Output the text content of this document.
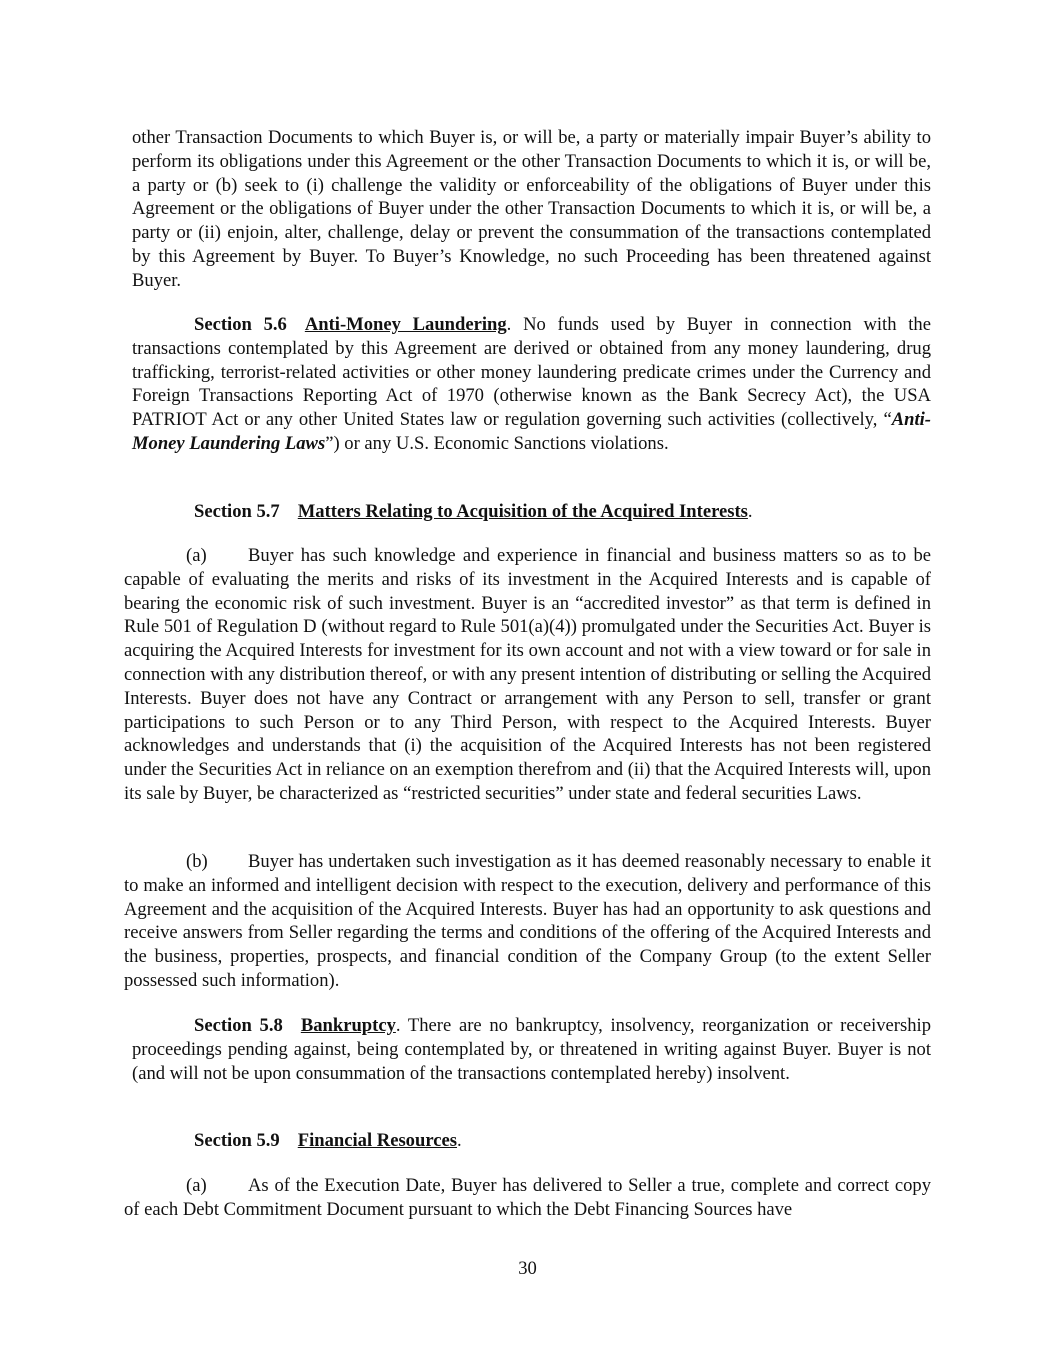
other Transaction Documents to which Buyer is, or will be, a party or materially impair Buyer’s ability to perform its obligations under this Agreement or the other Transaction Documents to which it is, or will be, a party or (b) seek to (i) challenge the validity or enforceability of the obligations of Buyer under this Agreement or the obligations of Buyer under the other Transaction Documents to which it is, or will be, a party or (ii) enjoin, alter, challenge, delay or prevent the consummation of the transactions contemplated by this Agreement by Buyer. To Buyer’s Knowledge, no such Proceeding has been threatened against Buyer.

Section 5.6 Anti-Money Laundering. No funds used by Buyer in connection with the transactions contemplated by this Agreement are derived or obtained from any money laundering, drug trafficking, terrorist-related activities or other money laundering predicate crimes under the Currency and Foreign Transactions Reporting Act of 1970 (otherwise known as the Bank Secrecy Act), the USA PATRIOT Act or any other United States law or regulation governing such activities (collectively, “Anti-Money Laundering Laws”) or any U.S. Economic Sanctions violations.

Section 5.7 Matters Relating to Acquisition of the Acquired Interests.

(a) Buyer has such knowledge and experience in financial and business matters so as to be capable of evaluating the merits and risks of its investment in the Acquired Interests and is capable of bearing the economic risk of such investment. Buyer is an “accredited investor” as that term is defined in Rule 501 of Regulation D (without regard to Rule 501(a)(4)) promulgated under the Securities Act. Buyer is acquiring the Acquired Interests for investment for its own account and not with a view toward or for sale in connection with any distribution thereof, or with any present intention of distributing or selling the Acquired Interests. Buyer does not have any Contract or arrangement with any Person to sell, transfer or grant participations to such Person or to any Third Person, with respect to the Acquired Interests. Buyer acknowledges and understands that (i) the acquisition of the Acquired Interests has not been registered under the Securities Act in reliance on an exemption therefrom and (ii) that the Acquired Interests will, upon its sale by Buyer, be characterized as “restricted securities” under state and federal securities Laws.

(b) Buyer has undertaken such investigation as it has deemed reasonably necessary to enable it to make an informed and intelligent decision with respect to the execution, delivery and performance of this Agreement and the acquisition of the Acquired Interests. Buyer has had an opportunity to ask questions and receive answers from Seller regarding the terms and conditions of the offering of the Acquired Interests and the business, properties, prospects, and financial condition of the Company Group (to the extent Seller possessed such information).

Section 5.8 Bankruptcy. There are no bankruptcy, insolvency, reorganization or receivership proceedings pending against, being contemplated by, or threatened in writing against Buyer. Buyer is not (and will not be upon consummation of the transactions contemplated hereby) insolvent.

Section 5.9 Financial Resources.

(a) As of the Execution Date, Buyer has delivered to Seller a true, complete and correct copy of each Debt Commitment Document pursuant to which the Debt Financing Sources have

30
